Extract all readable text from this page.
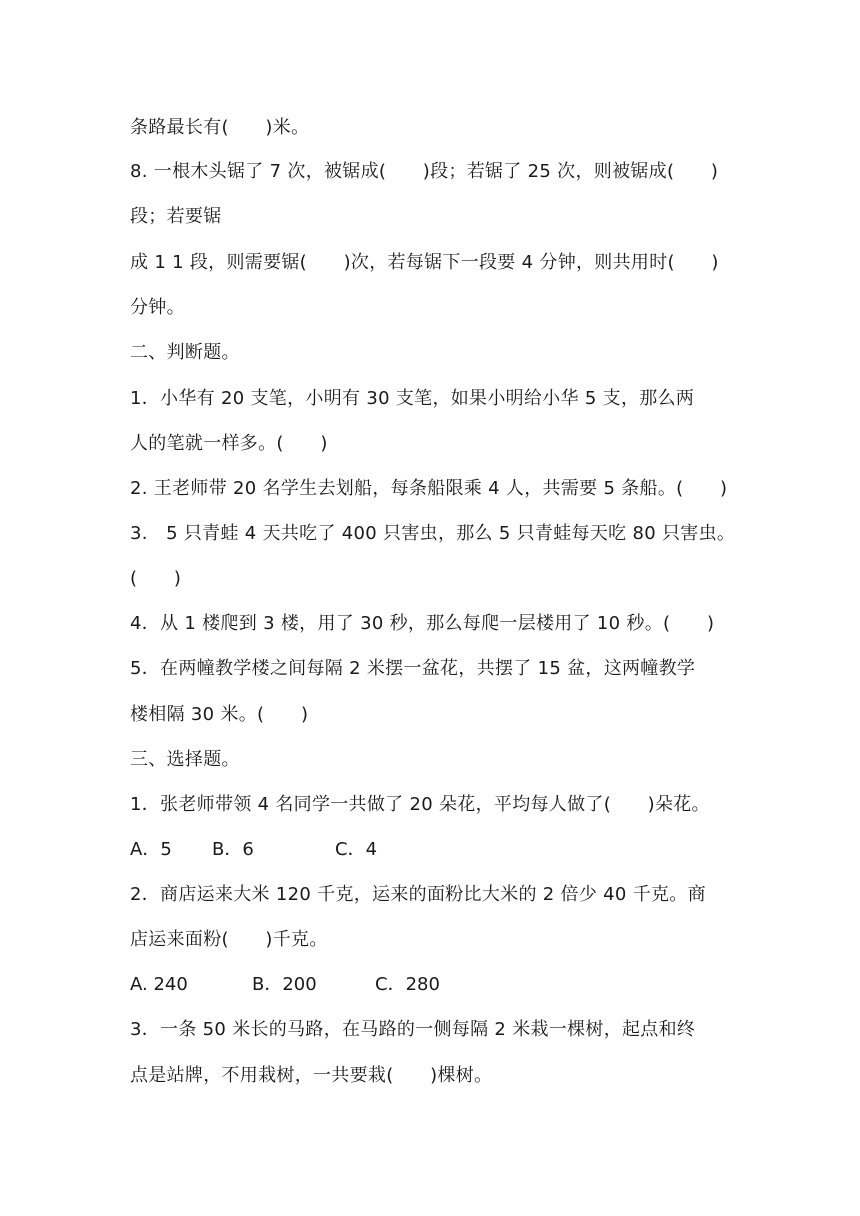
条路最长有(　　)米。
8. 一根木头锯了 7 次，被锯成(　　)段；若锯了 25 次，则被锯成(　　)
段；若要锯
成 1 1 段，则需要锯(　　)次，若每锯下一段要 4 分钟，则共用时(　　)
分钟。
二、判断题。
1．小华有 20 支笔，小明有 30 支笔，如果小明给小华 5 支，那么两
人的笔就一样多。(　　)
2. 王老师带 20 名学生去划船，每条船限乘 4 人，共需要 5 条船。(　　)
3.　5 只青蛙 4 天共吃了 400 只害虫，那么 5 只青蛙每天吃 80 只害虫。
(　　)
4．从 1 楼爬到 3 楼，用了 30 秒，那么每爬一层楼用了 10 秒。(　　)
5．在两幢教学楼之间每隔 2 米摆一盆花，共摆了 15 盆，这两幢教学
楼相隔 30 米。(　　)
三、选择题。
1．张老师带领 4 名同学一共做了 20 朵花，平均每人做了(　　)朵花。
A．5 B．6	C．4
2．商店运来大米 120 千克，运来的面粉比大米的 2 倍少 40 千克。商
店运来面粉(　　)千克。
A. 240	B．200	C．280
3．一条 50 米长的马路，在马路的一侧每隔 2 米栽一棵树，起点和终
点是站牌，不用栽树，一共要栽(　　)棵树。
